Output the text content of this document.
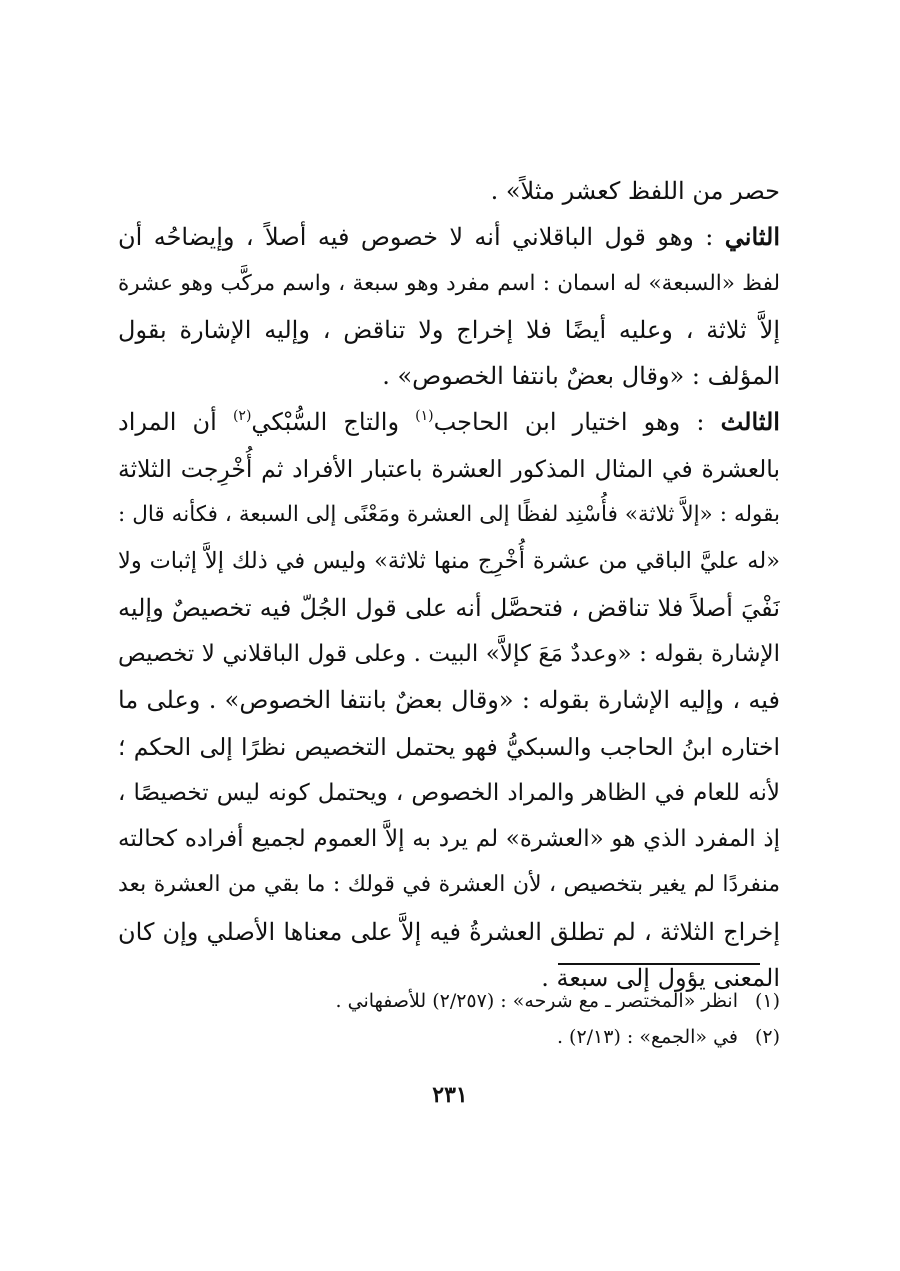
حصر من اللفظ كعشر مثلاً» .
الثاني : وهو قول الباقلاني أنه لا خصوص فيه أصلاً ، وإيضاحُه أن
لفظ «السبعة» له اسمان : اسم مفرد وهو سبعة ، واسم مركَّب وهو عشرة
إلاَّ ثلاثة ، وعليه أيضًا فلا إخراج ولا تناقض ، وإليه الإشارة بقول
المؤلف : «وقال بعضٌ بانتفا الخصوص» .
الثالث : وهو اختيار ابن الحاجب$^{(١)}$ والتاج السُّبْكي$^{(٢)}$ أن المراد
بالعشرة في المثال المذكور العشرة باعتبار الأفراد ثم أُخْرِجت الثلاثة
بقوله : «إلاَّ ثلاثة» فأُسْنِد لفظًا إلى العشرة ومَعْنًى إلى السبعة ، فكأنه قال :
«له عليَّ الباقي من عشرة أُخْرِج منها ثلاثة» وليس في ذلك إلاَّ إثبات ولا
نَفْيَ أصلاً فلا تناقض ، فتحصَّل أنه على قول الجُلّ فيه تخصيصٌ وإليه
الإشارة بقوله : «وعددٌ مَعَ كإلاَّ» البيت . وعلى قول الباقلاني لا تخصيص
فيه ، وإليه الإشارة بقوله : «وقال بعضٌ بانتفا الخصوص» . وعلى ما
اختاره ابنُ الحاجب والسبكيُّ فهو يحتمل التخصيص نظرًا إلى الحكم ؛
لأنه للعام في الظاهر والمراد الخصوص ، ويحتمل كونه ليس تخصيصًا ،
إذ المفرد الذي هو «العشرة» لم يرد به إلاَّ العموم لجميع أفراده كحالته
منفردًا لم يغير بتخصيص ، لأن العشرة في قولك : ما بقي من العشرة بعد
إخراج الثلاثة ، لم تطلق العشرةُ فيه إلاَّ على معناها الأصلي وإن كان
المعنى يؤول إلى سبعة .
(١)انظر «المختصر ـ مع شرحه» : (٢/٢٥٧) للأصفهاني .
(٢)في «الجمع» : (٢/١٣) .
٢٣١
